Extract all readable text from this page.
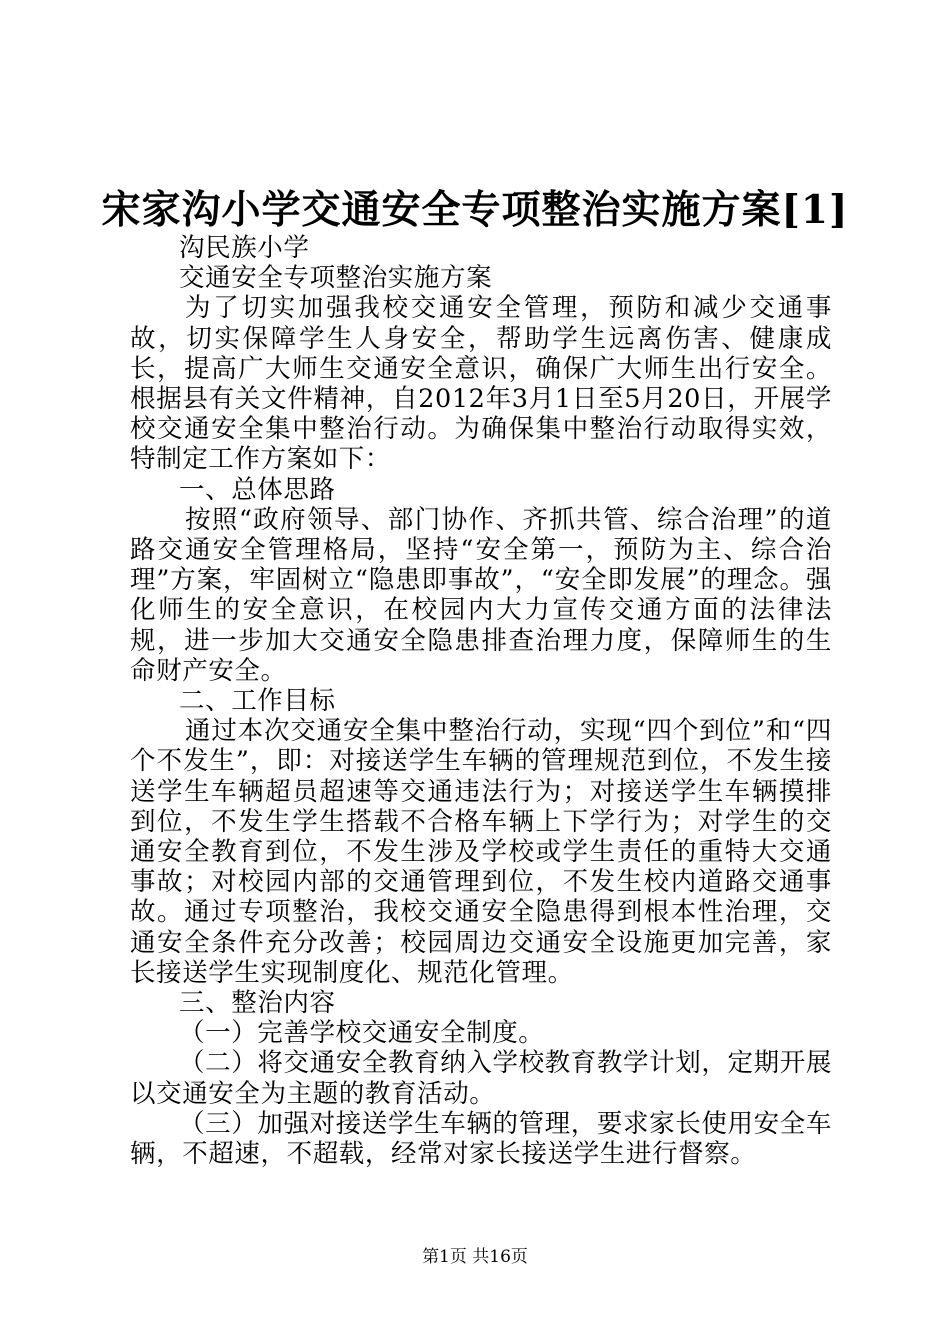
宋家沟小学交通安全专项整治实施方案[1]

沟民族小学

交通安全专项整治实施方案

为了切实加强我校交通安全管理，预防和减少交通事故，切实保障学生人身安全，帮助学生远离伤害、健康成长，提高广大师生交通安全意识，确保广大师生出行安全。根据县有关文件精神，自2012年3月1日至5月20日，开展学校交通安全集中整治行动。为确保集中整治行动取得实效，特制定工作方案如下：

一、总体思路

按照“政府领导、部门协作、齐抓共管、综合治理”的道路交通安全管理格局，坚持“安全第一，预防为主、综合治理”方案，牢固树立“隐患即事故”，“安全即发展”的理念。强化师生的安全意识，在校园内大力宣传交通方面的法律法规，进一步加大交通安全隐患排查治理力度，保障师生的生命财产安全。

二、工作目标

通过本次交通安全集中整治行动，实现“四个到位”和“四个不发生”，即：对接送学生车辆的管理规范到位，不发生接送学生车辆超员超速等交通违法行为；对接送学生车辆摸排到位，不发生学生搭载不合格车辆上下学行为；对学生的交通安全教育到位，不发生涉及学校或学生责任的重特大交通事故；对校园内部的交通管理到位，不发生校内道路交通事故。通过专项整治，我校交通安全隐患得到根本性治理，交通安全条件充分改善；校园周边交通安全设施更加完善，家长接送学生实现制度化、规范化管理。

三、整治内容

（一）完善学校交通安全制度。

（二）将交通安全教育纳入学校教育教学计划，定期开展以交通安全为主题的教育活动。

（三）加强对接送学生车辆的管理，要求家长使用安全车辆，不超速，不超载，经常对家长接送学生进行督察。

第1页 共16页
